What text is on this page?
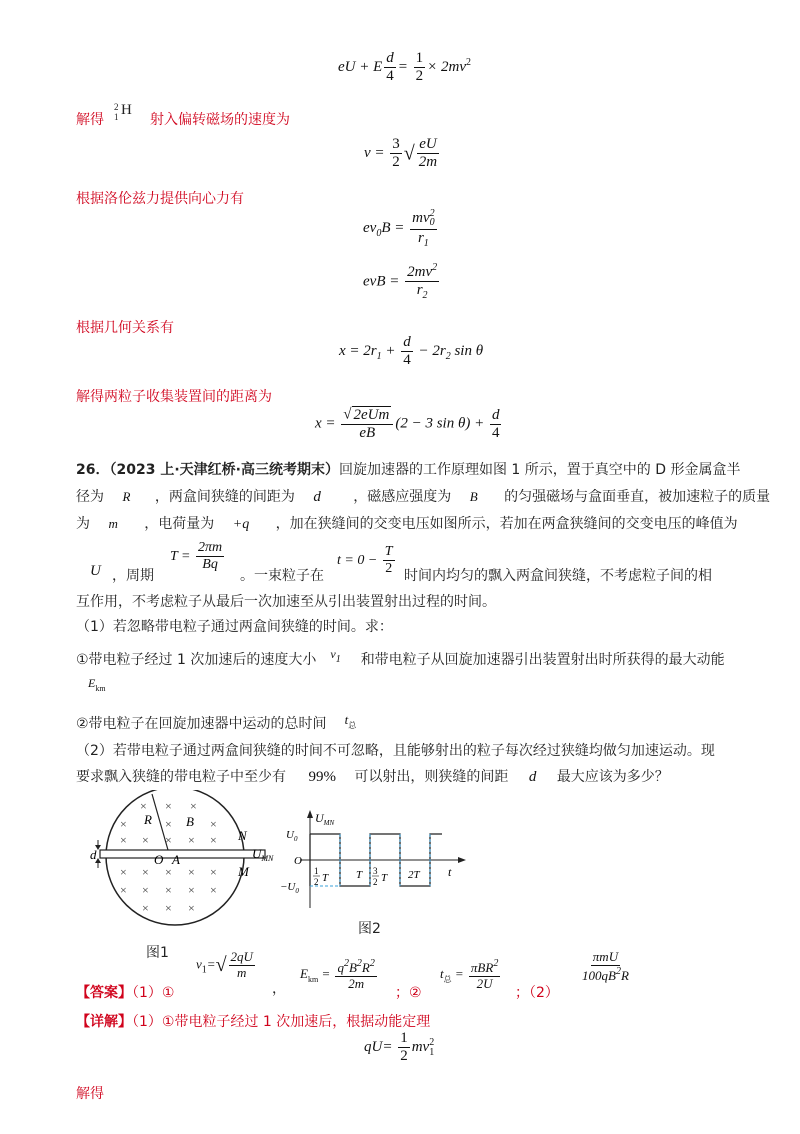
eU + E $\frac{d}{4} = \frac{1}{2} \times 2mv^2$
解得
2
1 H
射入偏转磁场的速度为
$v = \frac{3}{2}$ √ $\frac{eU}{2m}$
根据洛伦兹力提供向心力有
$ev_0B = \frac{mv_0^2}{r_1}$
evB = $\frac{2mv^2}{r_2}$
根据几何关系有
$x = 2r_1 + \frac{d}{4} - 2r_2$ sin θ
解得两粒子收集装置间的距离为
$x = \frac{\text{√ 2eUm}}{eB} (2 - 3$ $\sin \theta) + \frac{d}{4}$
26．（2023 上·天津红桥·高三统考期末）回旋加速器的工作原理如图 1 所示，置于真空中的 D 形金属盒半
径为 R ，两盒间狭缝的间距为 d ，磁感应强度为 B 的匀强磁场与盒面垂直，被加速粒子的质量
为 m ，电荷量为 +q ，加在狭缝间的交变电压如图所示，若加在两盒狭缝间的交变电压的峰值为
U ，周期
$T = \frac{2\pi m}{Bq}$
。一束粒子在
$t = 0 - \frac{T}{2}$ 时间内均匀的飘入两盒间狭缝，不考虑粒子间的相
互作用，不考虑粒子从最后一次加速至从引出装置射出过程的时间。
（1）若忽略带电粒子通过两盒间狭缝的时间。求：
①带电粒子经过 1 次加速后的速度大小 $v_1$ 和带电粒子从回旋加速器引出装置射出时所获得的最大动能
$E_{km}$
②带电粒子在回旋加速器中运动的总时间 $t_总$
（2）若带电粒子通过两盒间狭缝的时间不可忽略，且能够射出的粒子每次经过狭缝均做匀加速运动。现
要求飘入狭缝的带电粒子中至少有 99% 可以射出，则狭缝的间距 d 最大应该为多少？
d
R	B
O A
N
M
$U_{MN}$
× × ×
×	×	×
× × × × ×
× × × × ×
× × × × ×
× × ×
图1
$U_{MN}$
$U_0$
O
$-U_0$
1
2 T	T 3
2 T 2T t
图2
【答案】（1）①
$v_1=√ \frac{2qU}{m}$
，
$E_{km} = \frac{q^2B^2R^2}{2m}$
；②
$t_总 = \frac{\pi BR^2}{2U}$
；（2）
$\frac{\text{πmU}}{100qB^2R}$
【详解】（1）①带电粒子经过 1 次加速后，根据动能定理
$qU= \frac{1}{2} mv_1^2$
解得
